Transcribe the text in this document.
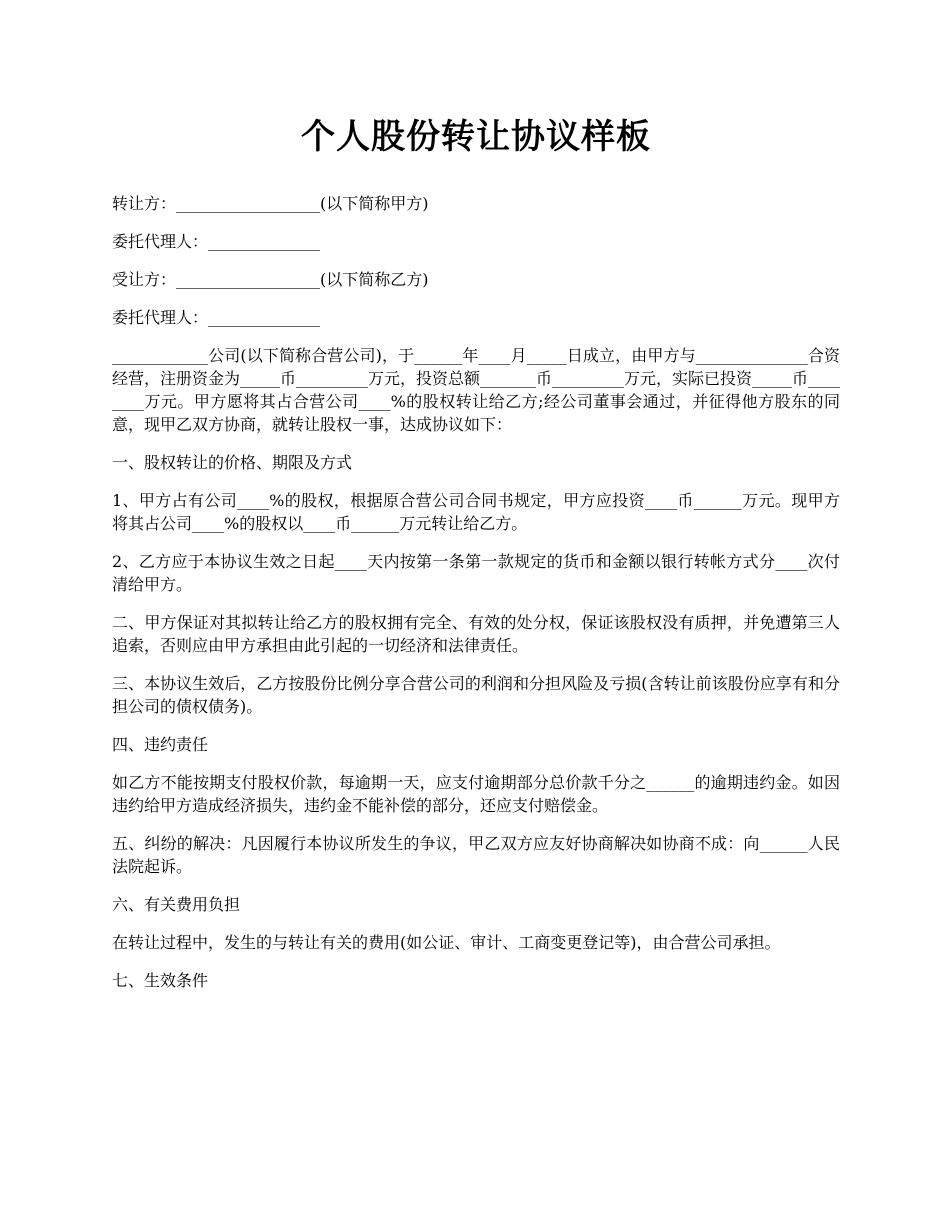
个人股份转让协议样板

转让方：__________________(以下简称甲方)

委托代理人：______________

受让方：__________________(以下简称乙方)

委托代理人：______________

____________公司(以下简称合营公司)，于______年____月_____日成立，由甲方与______________合资经营，注册资金为_____币_________万元，投资总额_______币_________万元，实际已投资_____币________万元。甲方愿将其占合营公司____%的股权转让给乙方;经公司董事会通过，并征得他方股东的同意，现甲乙双方协商，就转让股权一事，达成协议如下：

一、股权转让的价格、期限及方式

1、甲方占有公司____%的股权，根据原合营公司合同书规定，甲方应投资____币______万元。现甲方将其占公司____%的股权以____币______万元转让给乙方。

2、乙方应于本协议生效之日起____天内按第一条第一款规定的货币和金额以银行转帐方式分____次付清给甲方。

二、甲方保证对其拟转让给乙方的股权拥有完全、有效的处分权，保证该股权没有质押，并免遭第三人追索，否则应由甲方承担由此引起的一切经济和法律责任。

三、本协议生效后，乙方按股份比例分享合营公司的利润和分担风险及亏损(含转让前该股份应享有和分担公司的债权债务)。

四、违约责任

如乙方不能按期支付股权价款，每逾期一天，应支付逾期部分总价款千分之______的逾期违约金。如因违约给甲方造成经济损失，违约金不能补偿的部分，还应支付赔偿金。

五、纠纷的解决：凡因履行本协议所发生的争议，甲乙双方应友好协商解决如协商不成：向______人民法院起诉。

六、有关费用负担

在转让过程中，发生的与转让有关的费用(如公证、审计、工商变更登记等)，由合营公司承担。

七、生效条件
